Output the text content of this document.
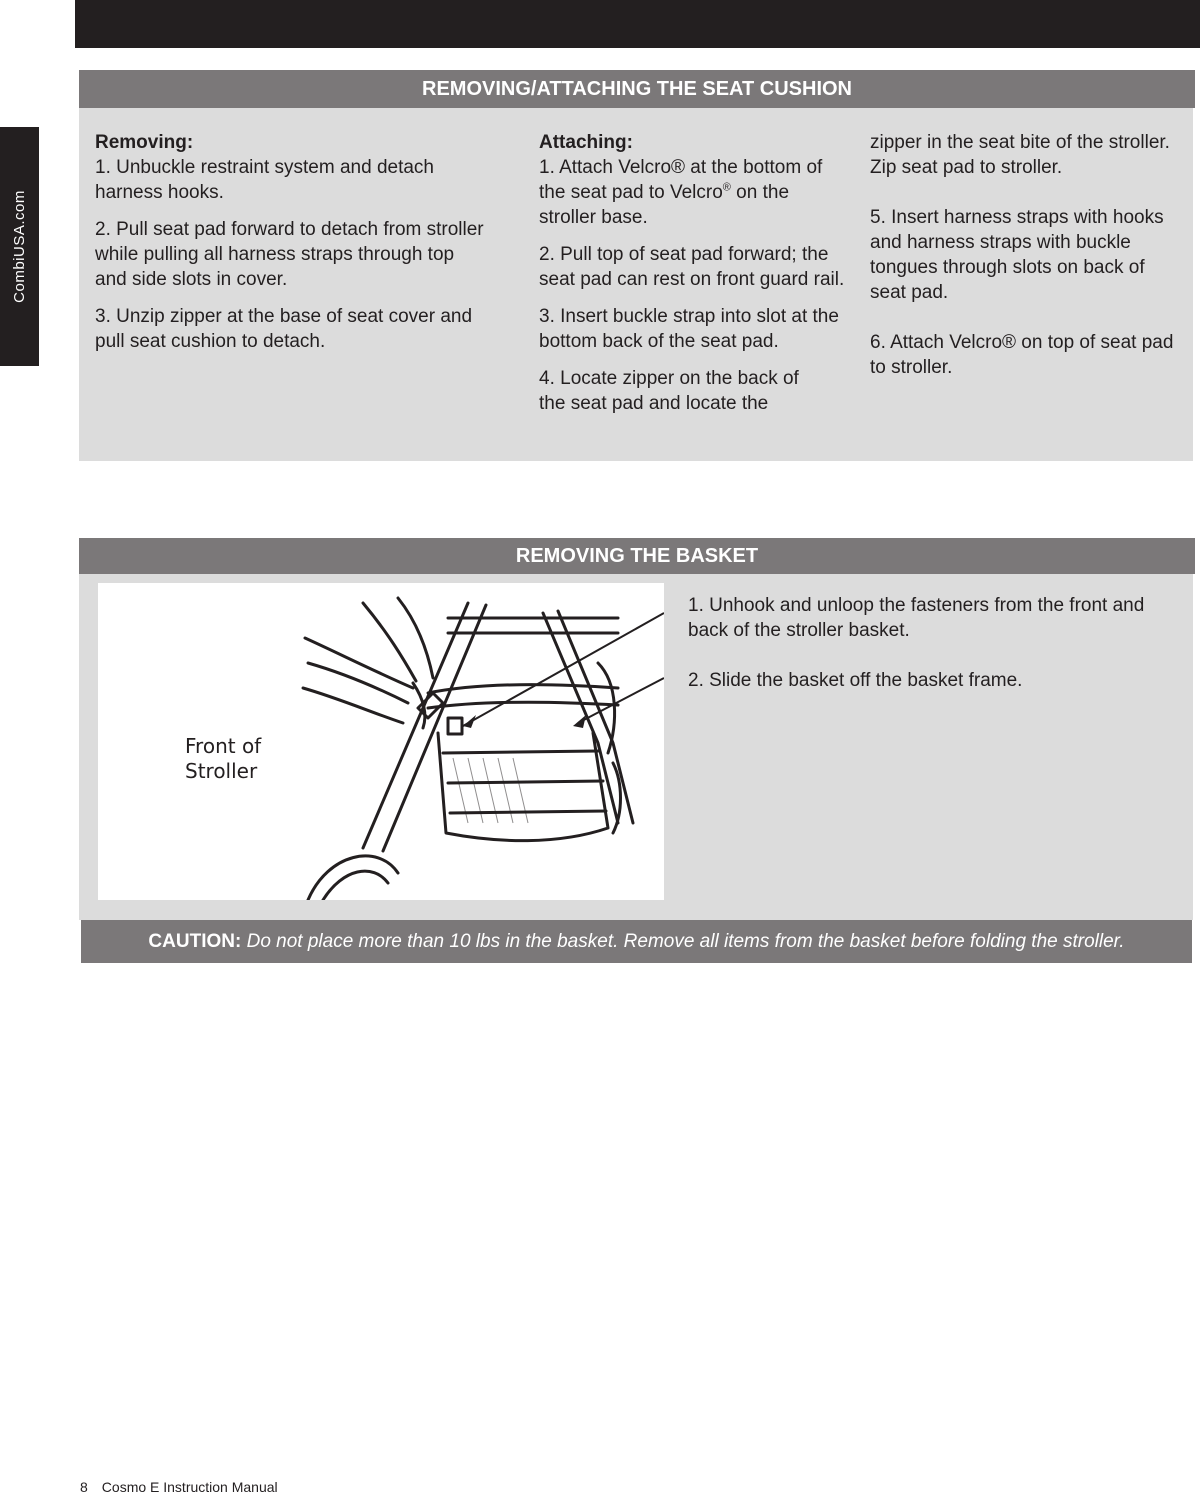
CombiUSA.com
REMOVING/ATTACHING THE SEAT CUSHION
Removing:

1. Unbuckle restraint system and detach harness hooks.

2. Pull seat pad forward to detach from stroller while pulling all harness straps through top and side slots in cover.

3. Unzip zipper at the base of seat cover and pull seat cushion to detach.

Attaching:

1. Attach Velcro® at the bottom of the seat pad to Velcro® on the stroller base.

2. Pull top of seat pad forward; the seat pad can rest on front guard rail.

3. Insert buckle strap into slot at the bottom back of the seat pad.

4. Locate zipper on the back of the seat pad and locate the

zipper in the seat bite of the stroller. Zip seat pad to stroller.

5. Insert harness straps with hooks and harness straps with buckle tongues through slots on back of seat pad.

6. Attach Velcro® on top of seat pad to stroller.

REMOVING THE BASKET

1. Unhook and unloop the fasteners from the front and back of the stroller basket.

2. Slide the basket off the basket frame.

Front of
Stroller
CAUTION: Do not place more than 10 lbs in the basket. Remove all items from the basket before folding the stroller.
8 Cosmo E Instruction Manual
